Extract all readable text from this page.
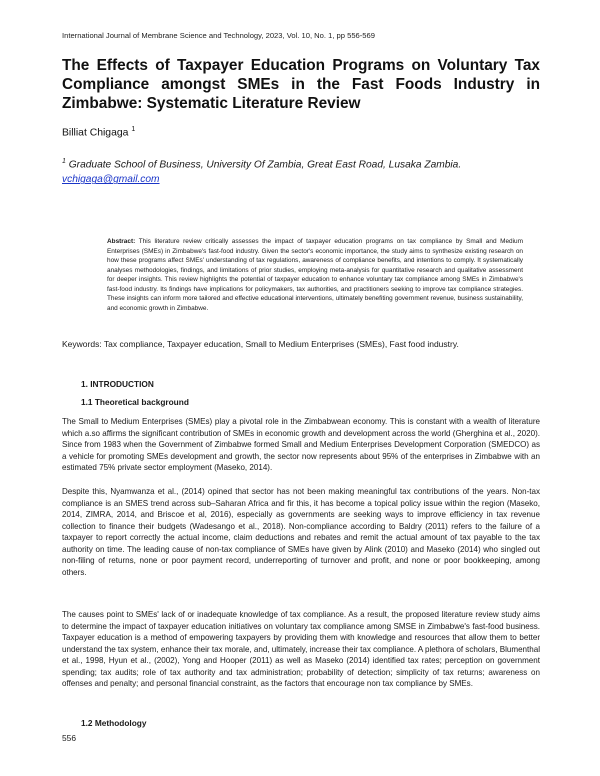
International Journal of Membrane Science and Technology, 2023, Vol. 10, No. 1, pp 556-569
The Effects of Taxpayer Education Programs on Voluntary Tax Compliance amongst SMEs in the Fast Foods Industry in Zimbabwe: Systematic Literature Review
Billiat Chigaga $^1$
$^1$ Graduate School of Business, University Of Zambia, Great East Road, Lusaka Zambia.
vchigaga@gmail.com
Abstract: This literature review critically assesses the impact of taxpayer education programs on tax compliance by Small and Medium Enterprises (SMEs) in Zimbabwe's fast-food industry. Given the sector's economic importance, the study aims to synthesize existing research on how these programs affect SMEs' understanding of tax regulations, awareness of compliance benefits, and intentions to comply. It systematically analyses methodologies, findings, and limitations of prior studies, employing meta-analysis for quantitative research and qualitative assessment for deeper insights. This review highlights the potential of taxpayer education to enhance voluntary tax compliance among SMEs in Zimbabwe's fast-food industry. Its findings have implications for policymakers, tax authorities, and practitioners seeking to improve tax compliance strategies. These insights can inform more tailored and effective educational interventions, ultimately benefiting government revenue, business sustainability, and economic growth in Zimbabwe.
Keywords: Tax compliance, Taxpayer education, Small to Medium Enterprises (SMEs), Fast food industry.
1. INTRODUCTION
1.1 Theoretical background

The Small to Medium Enterprises (SMEs) play a pivotal role in the Zimbabwean economy. This is constant with a wealth of literature which a.so affirms the significant contribution of SMEs in economic growth and development across the world (Gherghina et al., 2020). Since from 1983 when the Government of Zimbabwe formed Small and Medium Enterprises Development Corporation (SMEDCO) as a vehicle for promoting SMEs development and growth, the sector now represents about 95% of the enterprises in Zimbabwe with an estimated 75% private sector employment (Maseko, 2014).

Despite this, Nyamwanza et al., (2014) opined that sector has not been making meaningful tax contributions of the years. Non-tax compliance is an SMES trend across sub–Saharan Africa and fir this, it has become a topical policy issue within the region (Maseko, 2014, ZIMRA, 2014, and Briscoe et al, 2016), especially as governments are seeking ways to improve efficiency in tax revenue collection to finance their budgets (Wadesango et al., 2018). Non-compliance according to Baldry (2011) refers to the failure of a taxpayer to report correctly the actual income, claim deductions and rebates and remit the actual amount of tax payable to the tax authority on time. The leading cause of non-tax compliance of SMEs have given by Alink (2010) and Maseko (2014) who singled out non-filing of returns, none or poor payment record, underreporting of turnover and profit, and none or poor bookkeeping, among others.

The causes point to SMEs' lack of or inadequate knowledge of tax compliance. As a result, the proposed literature review study aims to determine the impact of taxpayer education initiatives on voluntary tax compliance among SMSE in Zimbabwe's fast-food business. Taxpayer education is a method of empowering taxpayers by providing them with knowledge and resources that allow them to better understand the tax system, enhance their tax morale, and, ultimately, increase their tax compliance. A plethora of scholars, Blumenthal et al., 1998, Hyun et al., (2002), Yong and Hooper (2011) as well as Maseko (2014) identified tax rates; perception on government spending; tax audits; role of tax authority and tax administration; probability of detection; simplicity of tax returns; awareness on offenses and penalty; and personal financial constraint, as the factors that encourage non tax compliance by SMEs.

1.2 Methodology
556
